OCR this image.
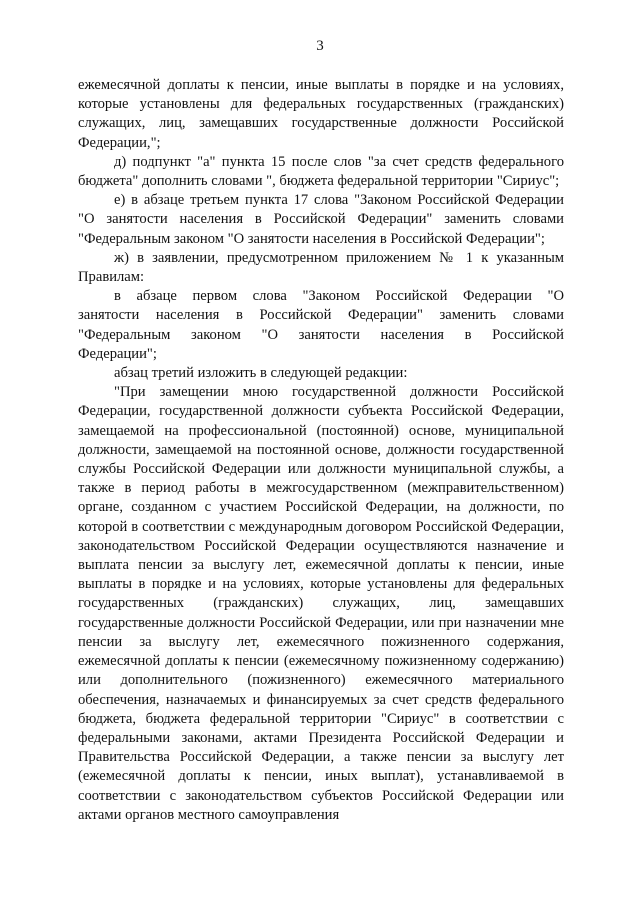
3

ежемесячной доплаты к пенсии, иные выплаты в порядке и на условиях, которые установлены для федеральных государственных (гражданских) служащих, лиц, замещавших государственные должности Российской Федерации,";

д) подпункт "а" пункта 15 после слов "за счет средств федерального бюджета" дополнить словами ", бюджета федеральной территории "Сириус";

е) в абзаце третьем пункта 17 слова "Законом Российской Федерации "О занятости населения в Российской Федерации" заменить словами "Федеральным законом "О занятости населения в Российской Федерации";

ж) в заявлении, предусмотренном приложением № 1 к указанным Правилам:

в абзаце первом слова "Законом Российской Федерации "О занятости населения в Российской Федерации" заменить словами "Федеральным законом "О занятости населения в Российской Федерации";

абзац третий изложить в следующей редакции:

"При замещении мною государственной должности Российской Федерации, государственной должности субъекта Российской Федерации, замещаемой на профессиональной (постоянной) основе, муниципальной должности, замещаемой на постоянной основе, должности государственной службы Российской Федерации или должности муниципальной службы, а также в период работы в межгосударственном (межправительственном) органе, созданном с участием Российской Федерации, на должности, по которой в соответствии с международным договором Российской Федерации, законодательством Российской Федерации осуществляются назначение и выплата пенсии за выслугу лет, ежемесячной доплаты к пенсии, иные выплаты в порядке и на условиях, которые установлены для федеральных государственных (гражданских) служащих, лиц, замещавших государственные должности Российской Федерации, или при назначении мне пенсии за выслугу лет, ежемесячного пожизненного содержания, ежемесячной доплаты к пенсии (ежемесячному пожизненному содержанию) или дополнительного (пожизненного) ежемесячного материального обеспечения, назначаемых и финансируемых за счет средств федерального бюджета, бюджета федеральной территории "Сириус" в соответствии с федеральными законами, актами Президента Российской Федерации и Правительства Российской Федерации, а также пенсии за выслугу лет (ежемесячной доплаты к пенсии, иных выплат), устанавливаемой в соответствии с законодательством субъектов Российской Федерации или актами органов местного самоуправления
